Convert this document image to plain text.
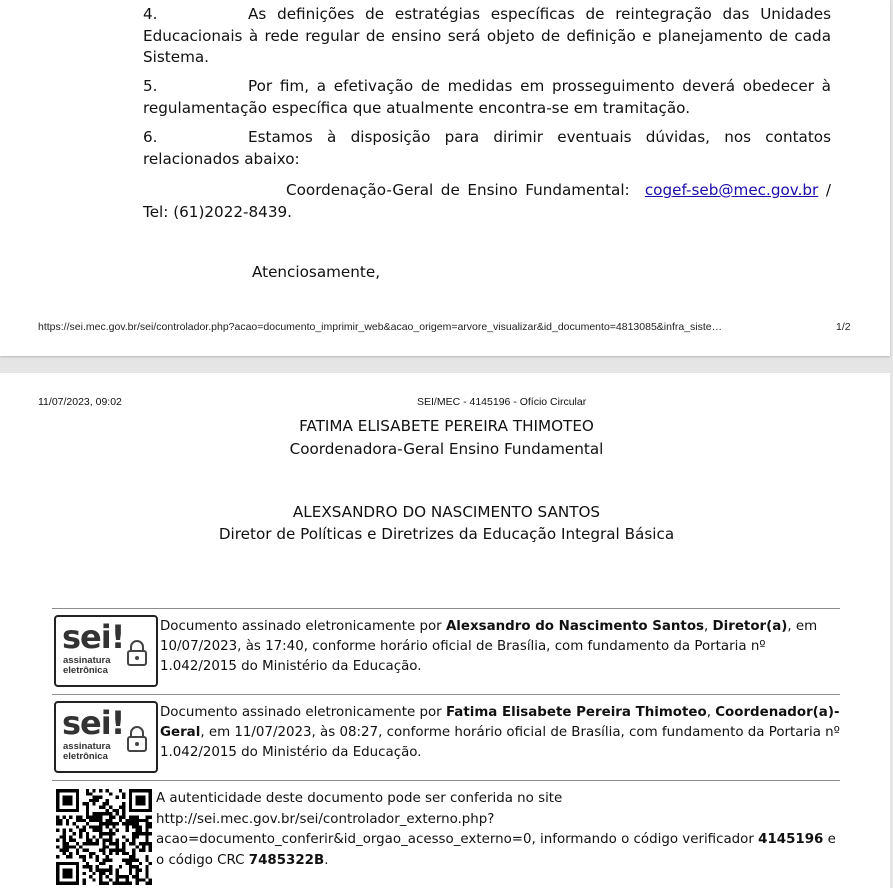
4.	As definições de estratégias específicas de reintegração das Unidades Educacionais à rede regular de ensino será objeto de definição e planejamento de cada Sistema.
5.	Por fim, a efetivação de medidas em prosseguimento deverá obedecer à regulamentação específica que atualmente encontra-se em tramitação.
6.	Estamos à disposição para dirimir eventuais dúvidas, nos contatos relacionados abaixo:
Coordenação-Geral de Ensino Fundamental: cogef-seb@mec.gov.br / Tel: (61)2022-8439.
Atenciosamente,
https://sei.mec.gov.br/sei/controlador.php?acao=documento_imprimir_web&acao_origem=arvore_visualizar&id_documento=4813085&infra_siste…	1/2
11/07/2023, 09:02	SEI/MEC - 4145196 - Ofício Circular
FATIMA ELISABETE PEREIRA THIMOTEO
Coordenadora-Geral Ensino Fundamental
ALEXSANDRO DO NASCIMENTO SANTOS
Diretor de Políticas e Diretrizes da Educação Integral Básica
sei!
assinatura
eletrônica
Documento assinado eletronicamente por Alexsandro do Nascimento Santos, Diretor(a), em 10/07/2023, às 17:40, conforme horário oficial de Brasília, com fundamento da Portaria nº 1.042/2015 do Ministério da Educação.
sei!
assinatura
eletrônica
Documento assinado eletronicamente por Fatima Elisabete Pereira Thimoteo, Coordenador(a)-Geral, em 11/07/2023, às 08:27, conforme horário oficial de Brasília, com fundamento da Portaria nº 1.042/2015 do Ministério da Educação.
A autenticidade deste documento pode ser conferida no site
http://sei.mec.gov.br/sei/controlador_externo.php?
acao=documento_conferir&id_orgao_acesso_externo=0, informando o código verificador 4145196 e
o código CRC 7485322B.
